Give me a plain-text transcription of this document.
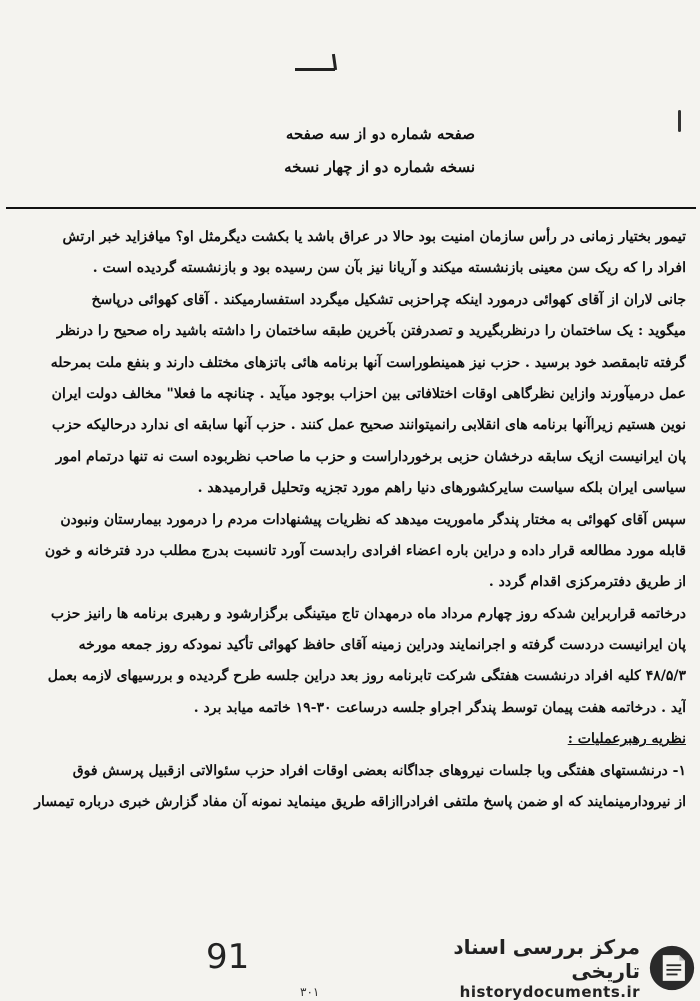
صفحه شماره دو از سه صفحه
نسخه شماره دو از چهار نسخه
تیمور بختیار زمانی در رأس سازمان امنیت بود حالا در عراق باشد یا بکشت دیگرمثل او؟ میافزاید خبر ارتش
افراد را که ریک سن معینی بازنشسته میکند و آریانا نیز بآن سن رسیده بود و بازنشسته گردیده است .
جانی لاران از آقای کهوائی درمورد اینکه چراحزبی تشکیل میگردد استفسارمیکند . آقای کهوائی درپاسخ
میگوید : یک ساختمان را درنظربگیرید و تصدرفتن بآخرین طبقه ساختمان را داشته باشید راه صحیح را درنظر
گرفته تابمقصد خود برسید . حزب نیز همینطوراست آنها برنامه هائی باتزهای مختلف دارند و بنفع ملت بمرحله
عمل درمیآورند وازاین نظرگاهی اوقات اختلافاتی بین احزاب بوجود میآید . چنانچه ما فعلا" مخالف دولت ایران
نوین هستیم زیراآنها برنامه های انقلابی رانمیتوانند صحیح عمل کنند . حزب آنها سابقه ای ندارد درحالیکه حزب
پان ایرانیست ازیک سابقه درخشان حزبی برخورداراست و حزب ما صاحب نظربوده است نه تنها درتمام امور
سیاسی ایران بلکه سیاست سایرکشورهای دنیا راهم مورد تجزیه وتحلیل قرارمیدهد .
سپس آقای کهوائی به مختار پندگر ماموریت میدهد که نظریات پیشنهادات مردم را درمورد بیمارستان ونبودن
قابله مورد مطالعه قرار داده و دراین باره اعضاء افرادی رابدست آورد تانسبت بدرج مطلب درد فترخانه و خون
از طریق دفترمرکزی اقدام گردد .
درخاتمه قراربراین شدکه روز چهارم مرداد ماه درمهدان تاج میتینگی برگزارشود و رهبری برنامه ها رانیز حزب
پان ایرانیست دردست گرفته و اجرانمایند ودراین زمینه آقای حافظ کهوائی تأکید نمودکه روز جمعه مورخه
۴۸/۵/۳ کلیه افراد درنشست هفتگی شرکت تابرنامه روز بعد دراین جلسه طرح گردیده و بررسیهای لازمه بعمل
آید . درخاتمه هفت پیمان توسط پندگر اجراو جلسه درساعت ۳۰-۱۹ خاتمه میابد برد .
نظریه رهبرعملیات :
۱- درنشستهای هفتگی وبا جلسات نیروهای جداگانه بعضی اوقات افراد حزب سئوالاتی ازقبیل پرسش فوق
از نیرودارمینمایند که او ضمن پاسخ ملتفی افرادراازاقه طریق مینماید نمونه آن مفاد گزارش خبری درباره تیمسار
91
۳۰۱
مرکز بررسی اسناد تاریخی
historydocuments.ir
